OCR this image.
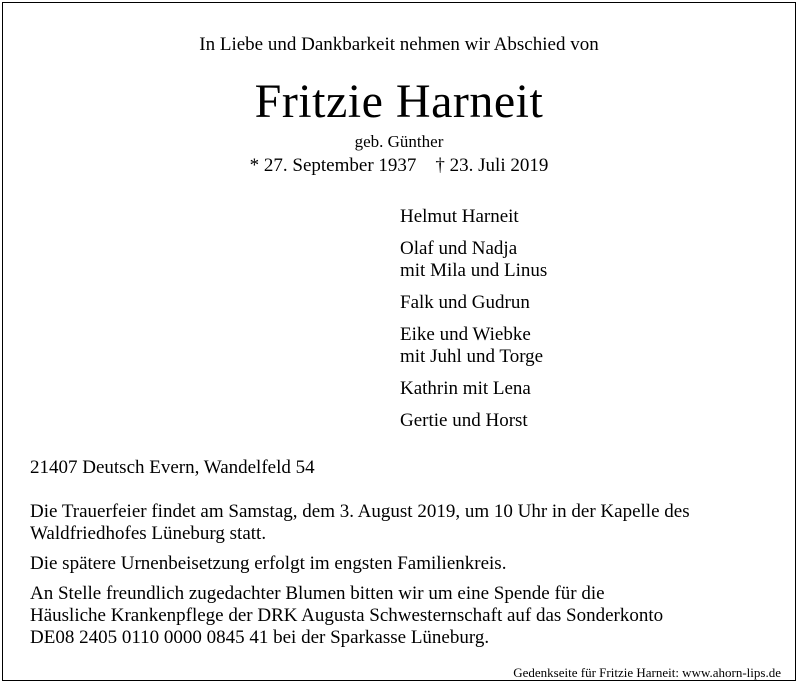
In Liebe und Dankbarkeit nehmen wir Abschied von
Fritzie Harneit
geb. Günther
* 27. September 1937    † 23. Juli 2019
Helmut Harneit
Olaf und Nadja
mit Mila und Linus
Falk und Gudrun
Eike und Wiebke
mit Juhl und Torge
Kathrin mit Lena
Gertie und Horst
21407 Deutsch Evern, Wandelfeld 54

Die Trauerfeier findet am Samstag, dem 3. August 2019, um 10 Uhr in der Kapelle des
Waldfriedhofes Lüneburg statt.

Die spätere Urnenbeisetzung erfolgt im engsten Familienkreis.

An Stelle freundlich zugedachter Blumen bitten wir um eine Spende für die
Häusliche Krankenpflege der DRK Augusta Schwesternschaft auf das Sonderkonto
DE08 2405 0110 0000 0845 41 bei der Sparkasse Lüneburg.

Gedenkseite für Fritzie Harneit: www.ahorn-lips.de
